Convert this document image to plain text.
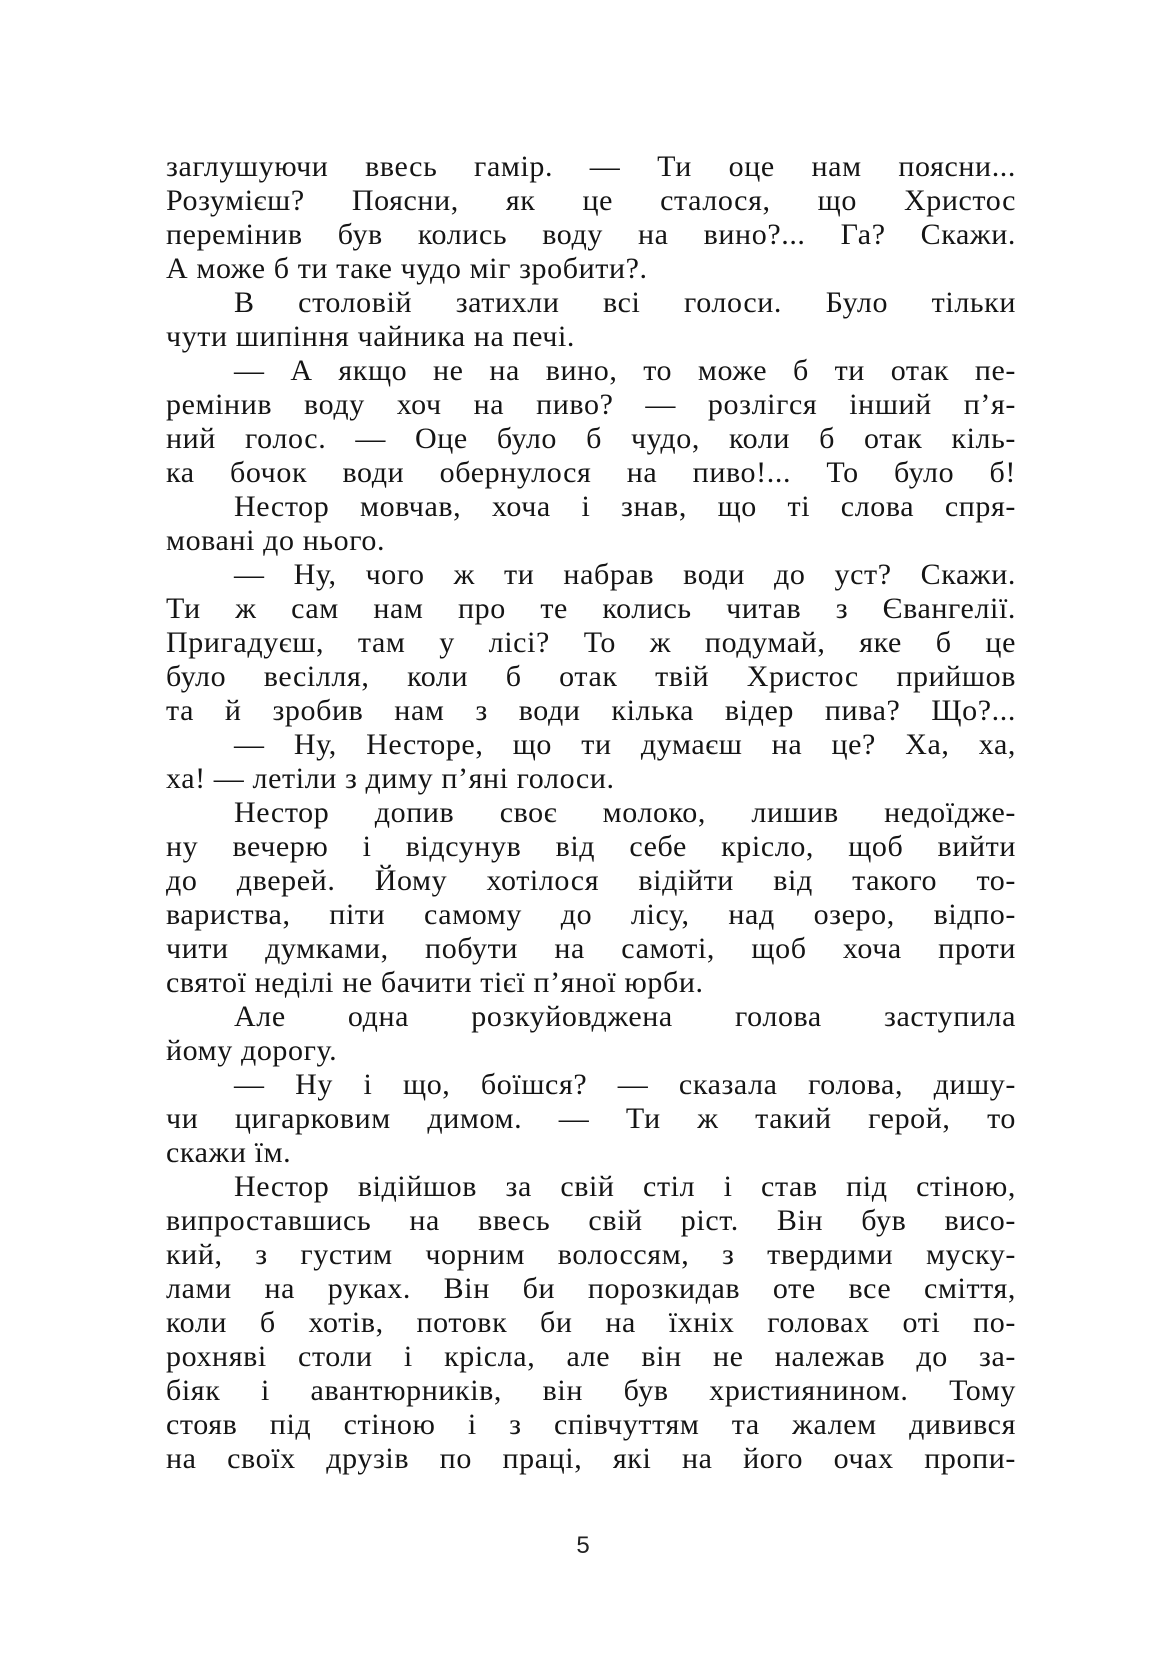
заглушуючи ввесь гамір. — Ти оце нам поясни...
Розумієш? Поясни, як це сталося, що Христос
перемінив був колись воду на вино?... Га? Скажи.
А може б ти таке чудо міг зробити?.
В столовій затихли всі голоси. Було тільки
чути шипіння чайника на печі.
— А якщо не на вино, то може б ти отак пе-
ремінив воду хоч на пиво? — розлігся інший п’я-
ний голос. — Оце було б чудо, коли б отак кіль-
ка бочок води обернулося на пиво!... То було б!
Нестор мовчав, хоча і знав, що ті слова спря-
мовані до нього.
— Ну, чого ж ти набрав води до уст? Скажи.
Ти ж сам нам про те колись читав з Євангелії.
Пригадуєш, там у лісі? То ж подумай, яке б це
було весілля, коли б отак твій Христос прийшов
та й зробив нам з води кілька відер пива? Що?...
— Ну, Несторе, що ти думаєш на це? Ха, ха,
ха! — летіли з диму п’яні голоси.
Нестор допив своє молоко, лишив недоїдже-
ну вечерю і відсунув від себе крісло, щоб вийти
до дверей. Йому хотілося відійти від такого то-
вариства, піти самому до лісу, над озеро, відпо-
чити думками, побути на самоті, щоб хоча проти
святої неділі не бачити тієї п’яної юрби.
Але одна розкуйовджена голова заступила
йому дорогу.
— Ну і що, боїшся? — сказала голова, дишу-
чи цигарковим димом. — Ти ж такий герой, то
скажи їм.
Нестор відійшов за свій стіл і став під стіною,
випроставшись на ввесь свій ріст. Він був висо-
кий, з густим чорним волоссям, з твердими муску-
лами на руках. Він би порозкидав оте все сміття,
коли б хотів, потовк би на їхніх головах оті по-
рохняві столи і крісла, але він не належав до за-
біяк і авантюрників, він був християнином. Тому
стояв під стіною і з співчуттям та жалем дивився
на своїх друзів по праці, які на його очах пропи-
5
